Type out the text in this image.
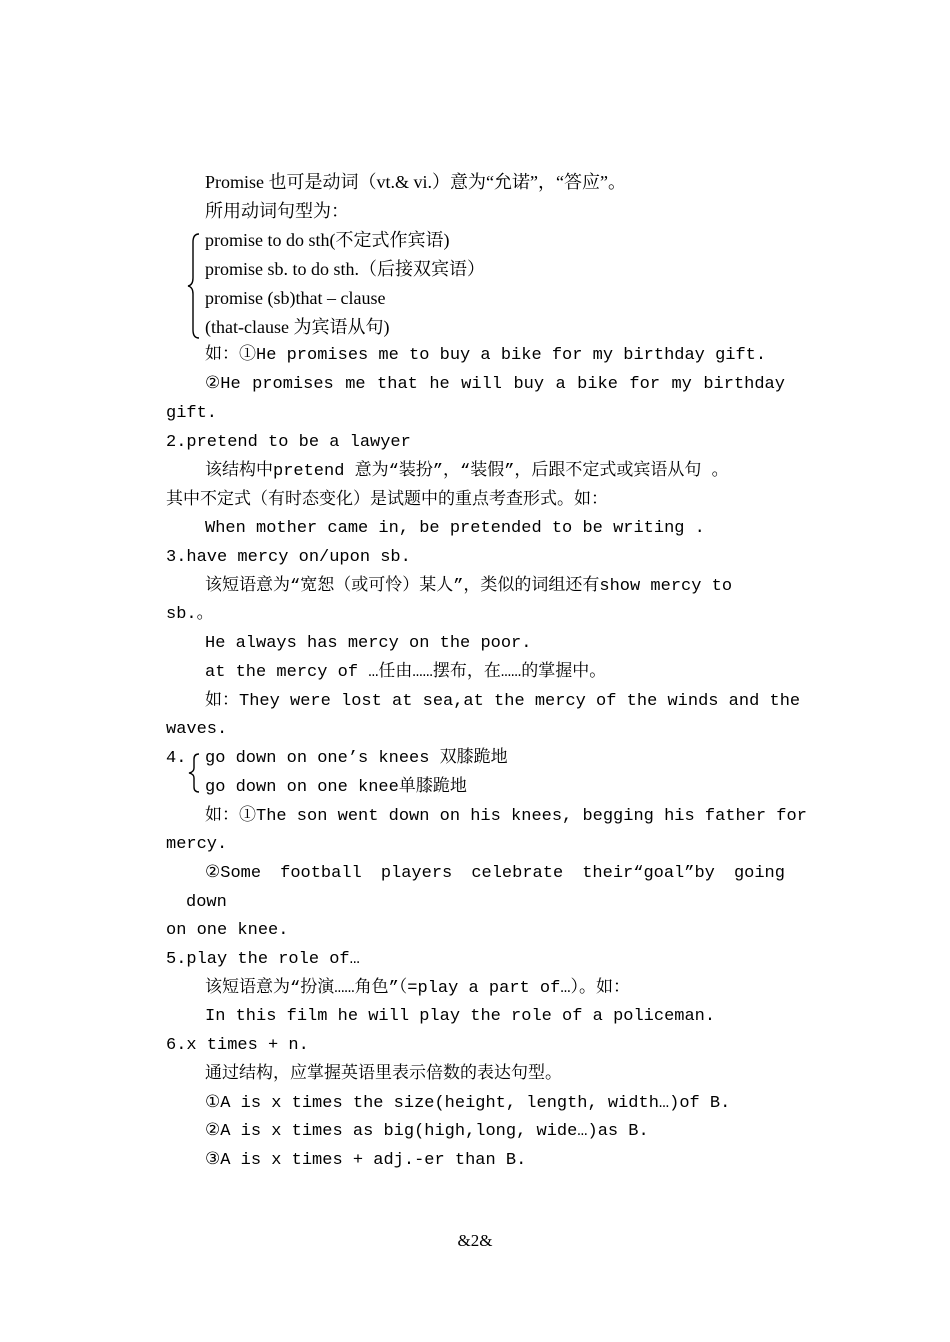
Promise 也可是动词（vt.& vi.）意为“允诺”，“答应”。
所用动词句型为：
promise to do sth(不定式作宾语)
promise sb. to do sth.（后接双宾语）
promise (sb)that – clause
(that-clause 为宾语从句)
如：①He promises me to buy a bike for my birthday gift.
②He promises me that he will buy a bike for my birthday
gift.
2.pretend to be a lawyer
该结构中pretend 意为“装扮”，“装假”，后跟不定式或宾语从句 。
其中不定式（有时态变化）是试题中的重点考查形式。如：
When mother came in, be pretended to be writing .
3.have mercy on/upon sb.
该短语意为“宽恕（或可怜）某人”，类似的词组还有show mercy to
sb.。
He always has mercy on the poor.
at the mercy of …任由……摆布，在……的掌握中。
如：They were lost at sea,at the mercy of the winds and the
waves.
4. go down on one’s knees 双膝跪地
go down on one knee单膝跪地
如：①The son went down on his knees, begging his father for
mercy.
②Some football players celebrate their“goal”by going
down
on one knee.
5.play the role of…
该短语意为“扮演……角色”（=play a part of…）。如：
In this film he will play the role of a policeman.
6.x times + n.
通过结构，应掌握英语里表示倍数的表达句型。
①A is x times the size(height, length, width…)of B.
②A is x times as big(high,long, wide…)as B.
③A is x times + adj.-er than B.
&2&
